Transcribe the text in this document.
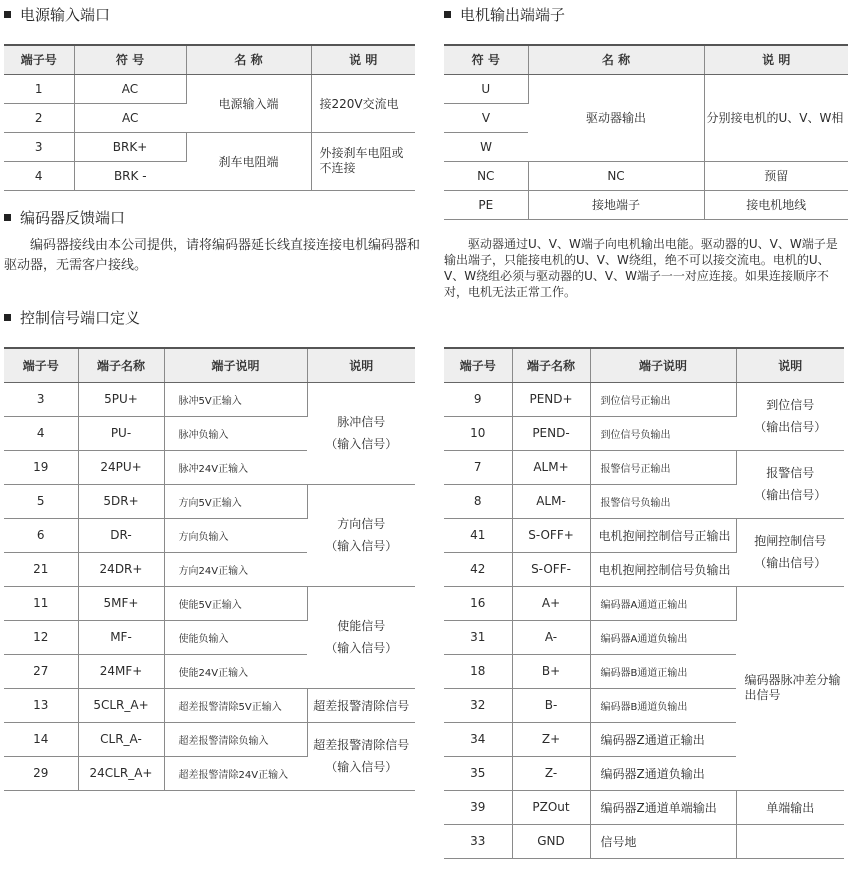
电源输入端口
端子号	符 号	名 称	说 明
1	AC	电源输入端	接220V交流电
2	AC		
3	BRK+	刹车电阻端	外接刹车电阻或不连接
4	BRK -		
编码器反馈端口

编码器接线由本公司提供，请将编码器延长线直接连接电机编码器和驱动器，无需客户接线。

电机输出端端子
符 号	名 称	说 明
U	驱动器输出	分别接电机的U、V、W相
V		
W		
NC	NC	预留
PE	接地端子	接电机地线

驱动器通过U、V、W端子向电机输出电能。驱动器的U、V、W端子是输出端子，只能接电机的U、V、W绕组，绝不可以接交流电。电机的U、V、W绕组必须与驱动器的U、V、W端子一一对应连接。如果连接顺序不对，电机无法正常工作。

控制信号端口定义
端子号	端子名称	端子说明	说明
3	5PU+	脉冲5V正输入	脉冲信号
（输入信号）

4	PU-	脉冲负输入	
19	24PU+	脉冲24V正输入	
5	5DR+	方向5V正输入	方向信号
（输入信号）

6	DR-	方向负输入	
21	24DR+	方向24V正输入	
11	5MF+	使能5V正输入	使能信号
（输入信号）

12	MF-	使能负输入	
27	24MF+	使能24V正输入	
13	5CLR_A+	超差报警清除5V正输入	超差报警清除信号
14	CLR_A-	超差报警清除负输入	超差报警清除信号
（输入信号）

29	24CLR_A+	超差报警清除24V正输入	
端子号	端子名称	端子说明	说明
9	PEND+	到位信号正输出	到位信号
（输出信号）

10	PEND-	到位信号负输出	
7	ALM+	报警信号正输出	报警信号
（输出信号）

8	ALM-	报警信号负输出	
41	S-OFF+	电机抱闸控制信号正输出	抱闸控制信号
（输出信号）

42	S-OFF-	电机抱闸控制信号负输出	
16	A+	编码器A通道正输出	编码器脉冲差分输出信号
31	A-	编码器A通道负输出	
18	B+	编码器B通道正输出	
32	B-	编码器B通道负输出	
34	Z+	编码器Z通道正输出	
35	Z-	编码器Z通道负输出	
39	PZOut	编码器Z通道单端输出	单端输出
33	GND	信号地	
